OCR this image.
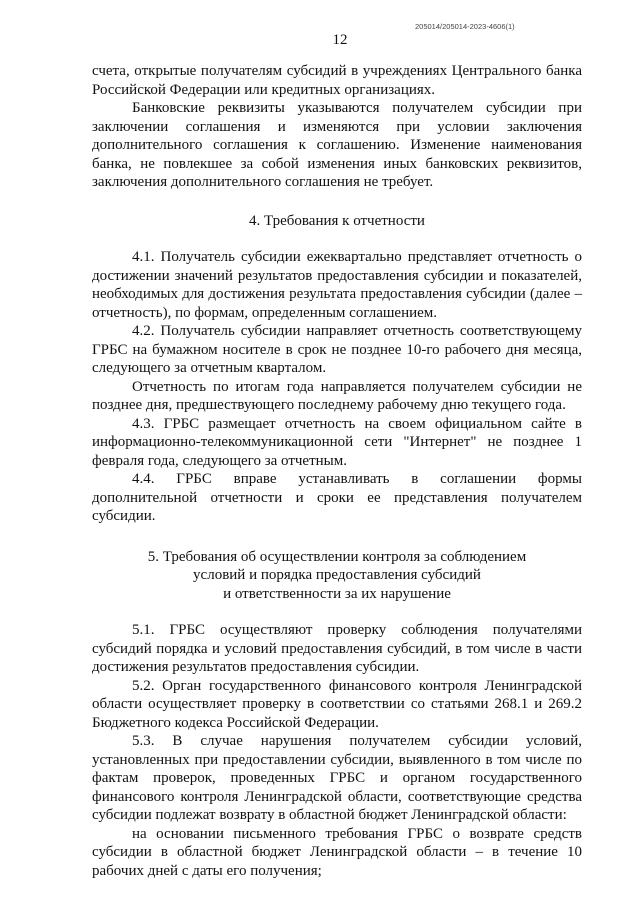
205014/205014-2023-4606(1)
12

счета, открытые получателям субсидий в учреждениях Центрального банка Российской Федерации или кредитных организациях.

Банковские реквизиты указываются получателем субсидии при заключении соглашения и изменяются при условии заключения дополнительного соглашения к соглашению. Изменение наименования банка, не повлекшее за собой изменения иных банковских реквизитов, заключения дополнительного соглашения не требует.

4. Требования к отчетности

4.1. Получатель субсидии ежеквартально представляет отчетность о достижении значений результатов предоставления субсидии и показателей, необходимых для достижения результата предоставления субсидии (далее – отчетность), по формам, определенным соглашением.

4.2. Получатель субсидии направляет отчетность соответствующему ГРБС на бумажном носителе в срок не позднее 10-го рабочего дня месяца, следующего за отчетным кварталом.

Отчетность по итогам года направляется получателем субсидии не позднее дня, предшествующего последнему рабочему дню текущего года.

4.3. ГРБС размещает отчетность на своем официальном сайте в информационно-телекоммуникационной сети "Интернет" не позднее 1 февраля года, следующего за отчетным.

4.4. ГРБС вправе устанавливать в соглашении формы дополнительной отчетности и сроки ее представления получателем субсидии.

5. Требования об осуществлении контроля за соблюдением
условий и порядка предоставления субсидий
и ответственности за их нарушение

5.1. ГРБС осуществляют проверку соблюдения получателями субсидий порядка и условий предоставления субсидий, в том числе в части достижения результатов предоставления субсидии.

5.2. Орган государственного финансового контроля Ленинградской области осуществляет проверку в соответствии со статьями 268.1 и 269.2 Бюджетного кодекса Российской Федерации.

5.3. В случае нарушения получателем субсидии условий, установленных при предоставлении субсидии, выявленного в том числе по фактам проверок, проведенных ГРБС и органом государственного финансового контроля Ленинградской области, соответствующие средства субсидии подлежат возврату в областной бюджет Ленинградской области:

на основании письменного требования ГРБС о возврате средств субсидии в областной бюджет Ленинградской области – в течение 10 рабочих дней с даты его получения;
